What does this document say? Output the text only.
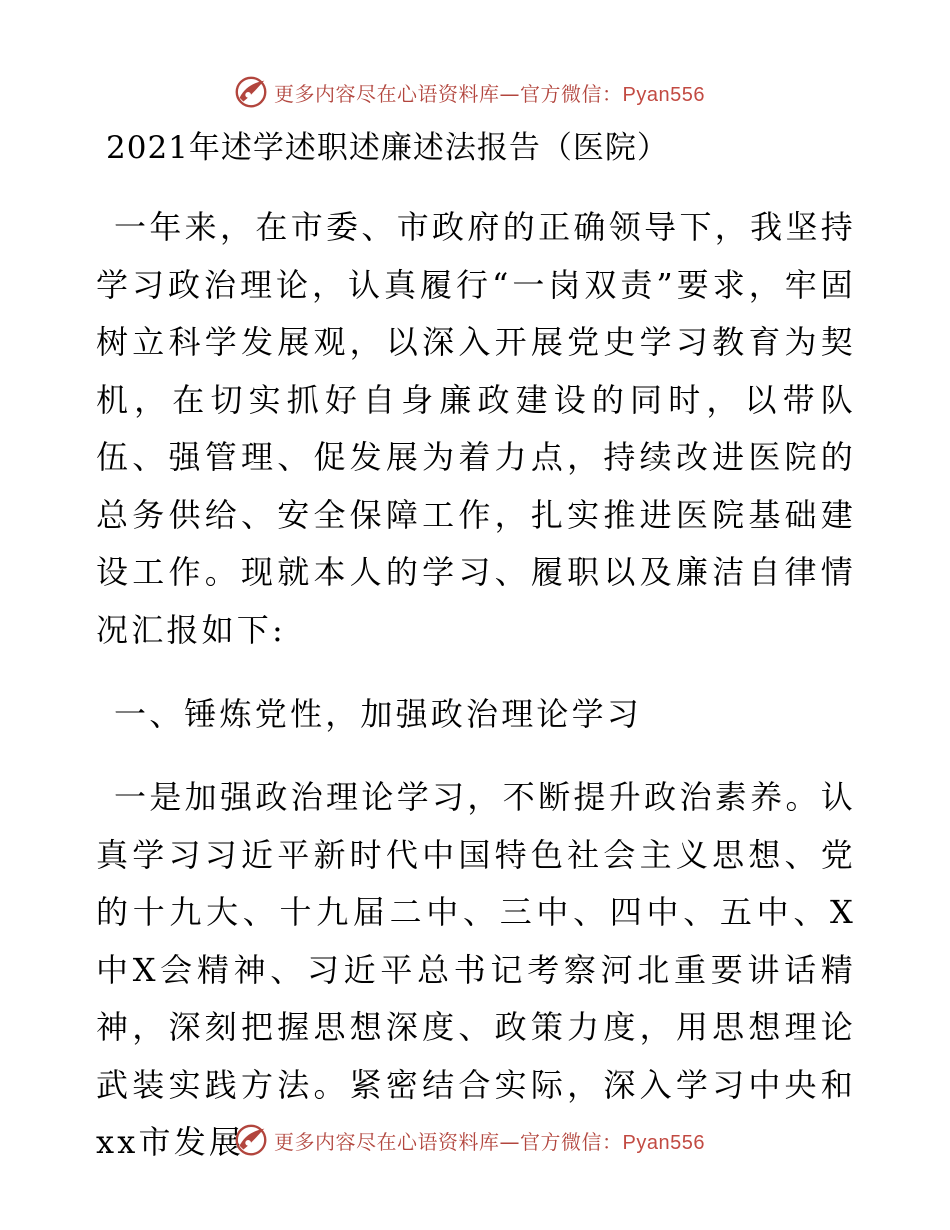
更多内容尽在心语资料库—官方微信：Pyan556
2021年述学述职述廉述法报告（医院）

一年来，在市委、市政府的正确领导下，我坚持学习政治理论，认真履行“一岗双责”要求，牢固树立科学发展观，以深入开展党史学习教育为契机，在切实抓好自身廉政建设的同时，以带队伍、强管理、促发展为着力点，持续改进医院的总务供给、安全保障工作，扎实推进医院基础建设工作。现就本人的学习、履职以及廉洁自律情况汇报如下:

一、锤炼党性，加强政治理论学习

一是加强政治理论学习，不断提升政治素养。认真学习习近平新时代中国特色社会主义思想、党的十九大、十九届二中、三中、四中、五中、X中X会精神、习近平总书记考察河北重要讲话精神，深刻把握思想深度、政策力度，用思想理论武装实践方法。紧密结合实际，深入学习中央和xx市发展	更多内容尽在心语资料库—官方微信：Pyan556
